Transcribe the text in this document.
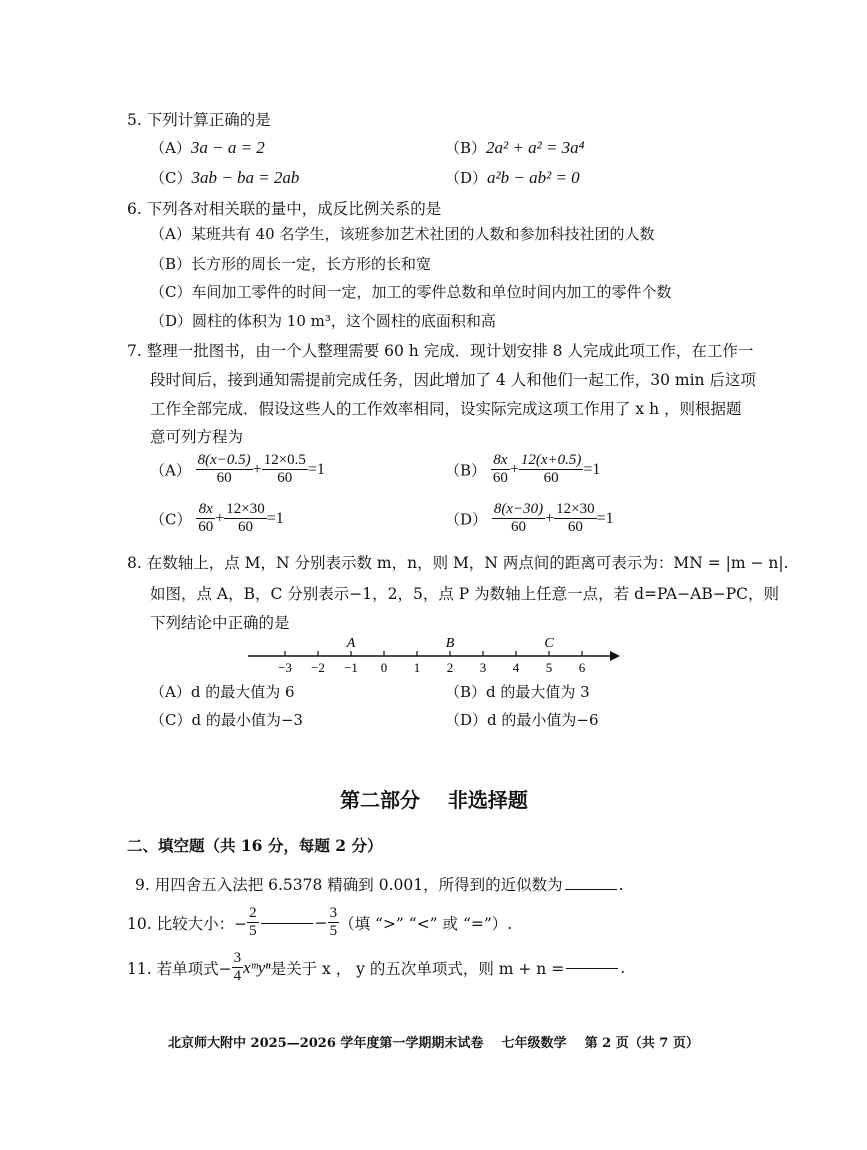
5. 下列计算正确的是
（A）3a − a = 2	（B）2a² + a² = 3a⁴
（C）3ab − ba = 2ab	（D）a²b − ab² = 0
6. 下列各对相关联的量中，成反比例关系的是
（A）某班共有 40 名学生，该班参加艺术社团的人数和参加科技社团的人数
（B）长方形的周长一定，长方形的长和宽
（C）车间加工零件的时间一定，加工的零件总数和单位时间内加工的零件个数
（D）圆柱的体积为 10 m³，这个圆柱的底面积和高
7. 整理一批图书，由一个人整理需要 60 h 完成．现计划安排 8 人完成此项工作，在工作一
段时间后，接到通知需提前完成任务，因此增加了 4 人和他们一起工作，30 min 后这项
工作全部完成．假设这些人的工作效率相同，设实际完成这项工作用了 x h ，则根据题
意可列方程为
$(A) \frac{8(x-0.5)}{60} + \frac{12\times 0.5}{60} =1$	$(B) \frac{8x}{60} + \frac{12(x+0.5)}{60} =1$
$(C) \frac{8x}{60} + \frac{12\times 30}{60} =1$	$(D) \frac{8(x-30)}{60} + \frac{12\times 30}{60} =1$
8. 在数轴上，点 M，N 分别表示数 m，n，则 M，N 两点间的距离可表示为：MN = |m − n|.
如图，点 A，B，C 分别表示−1，2，5，点 P 为数轴上任意一点，若 d=PA−AB−PC，则
下列结论中正确的是
−3 −2 −1 0 1 2 3 4 5 6
A	B	C
（A）d 的最大值为 6	（B）d 的最大值为 3
（C）d 的最小值为−3	（D）d 的最小值为−6
第二部分    非选择题
二、填空题（共 16 分，每题 2 分）
9. 用四舍五入法把 6.5378 精确到 0.001，所得到的近似数为	.
10. 比较大小：− $\frac{2}{5}$	− $\frac{3}{5}$ （填 “>” “<” 或 “=”）.
11. 若单项式− $\frac{3}{4}$ xᵐyⁿ是关于 x ， y 的五次单项式，则 m + n =	.
北京师大附中 2025—2026 学年度第一学期期末试卷    七年级数学    第 2 页（共 7 页）
